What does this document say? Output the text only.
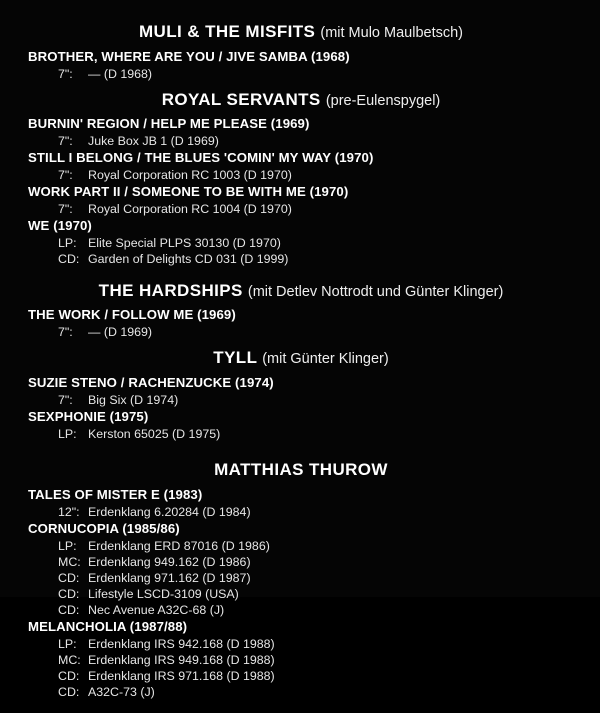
MULI & THE MISFITS (mit Mulo Maulbetsch)
BROTHER, WHERE ARE YOU / JIVE SAMBA (1968)
7":	— (D 1968)
ROYAL SERVANTS (pre-Eulenspygel)
BURNIN' REGION / HELP ME PLEASE (1969)
7":	Juke Box JB 1 (D 1969)
STILL I BELONG / THE BLUES 'COMIN' MY WAY (1970)
7":	Royal Corporation RC 1003 (D 1970)
WORK PART II / SOMEONE TO BE WITH ME (1970)
7":	Royal Corporation RC 1004 (D 1970)
WE (1970)
LP: Elite Special PLPS 30130 (D 1970)
CD: Garden of Delights CD 031 (D 1999)
THE HARDSHIPS (mit Detlev Nottrodt und Günter Klinger)
THE WORK / FOLLOW ME (1969)
7":	— (D 1969)
TYLL (mit Günter Klinger)
SUZIE STENO / RACHENZUCKE (1974)
7":	Big Six (D 1974)
SEXPHONIE (1975)
LP: Kerston 65025 (D 1975)
MATTHIAS THUROW
TALES OF MISTER E (1983)
12": Erdenklang 6.20284 (D 1984)
CORNUCOPIA (1985/86)
LP: Erdenklang ERD 87016 (D 1986)
MC: Erdenklang 949.162 (D 1986)
CD: Erdenklang 971.162 (D 1987)
CD: Lifestyle LSCD-3109 (USA)
CD: Nec Avenue A32C-68 (J)
MELANCHOLIA (1987/88)
LP: Erdenklang IRS 942.168 (D 1988)
MC: Erdenklang IRS 949.168 (D 1988)
CD: Erdenklang IRS 971.168 (D 1988)
CD: A32C-73 (J)
